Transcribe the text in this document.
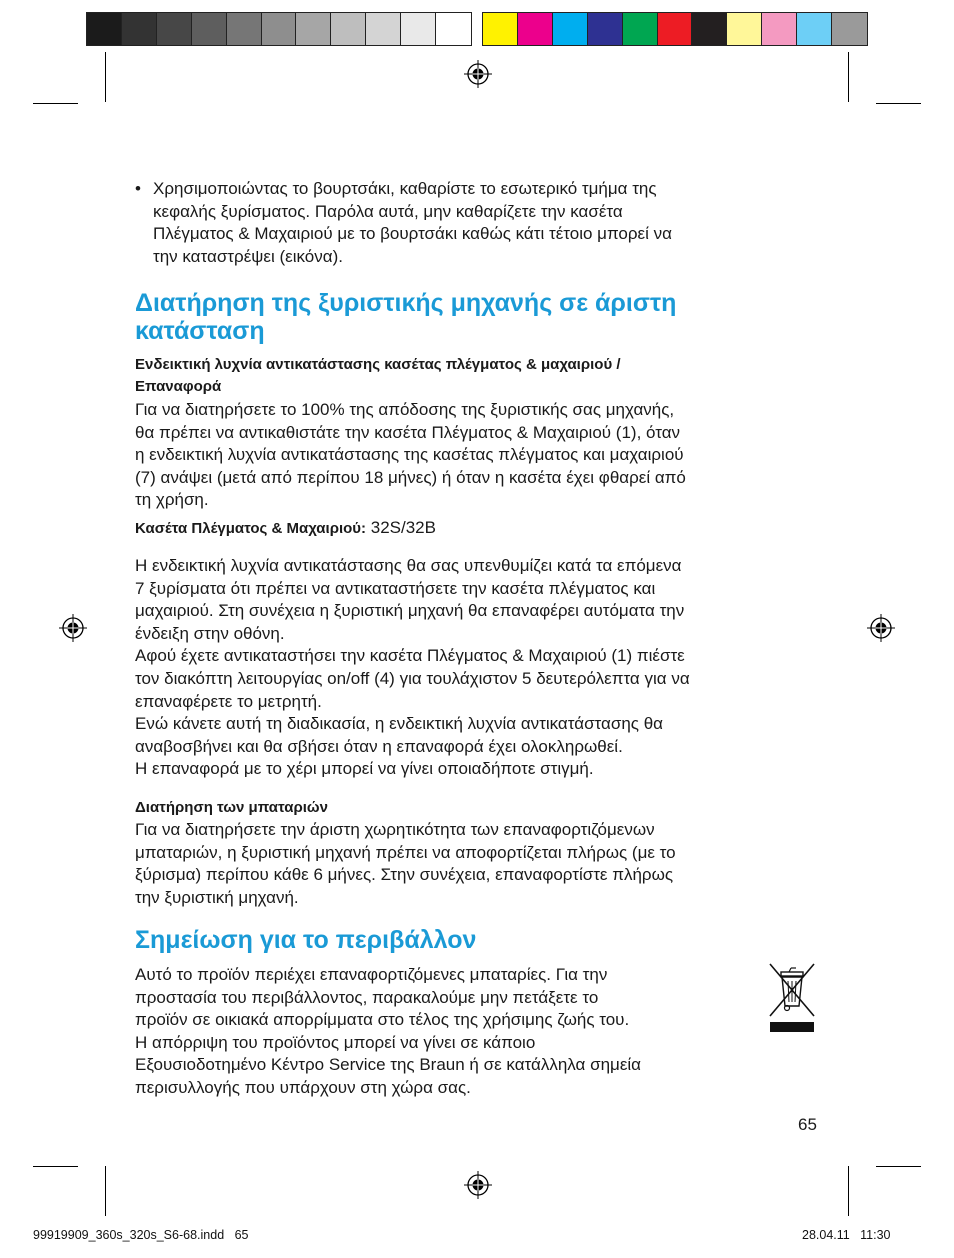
• Χρησιμοποιώντας το βουρτσάκι, καθαρίστε το εσωτερικό τμήμα της

κεφαλής ξυρίσματος. Παρόλα αυτά, μην καθαρίζετε την κασέτα

Πλέγματος & Μαχαιριού με το βουρτσάκι καθώς κάτι τέτοιο μπορεί να

την καταστρέψει (εικόνα).

Διατήρηση της ξυριστικής μηχανής σε άριστη
κατάσταση

Ενδεικτική λυχνία αντικατάστασης κασέτας πλέγματος & μαχαιριού /

Επαναφορά

Για να διατηρήσετε το 100% της απόδοσης της ξυριστικής σας μηχανής,

θα πρέπει να αντικαθιστάτε την κασέτα Πλέγματος & Μαχαιριού (1), όταν

η ενδεικτική λυχνία αντικατάστασης της κασέτας πλέγματος και μαχαιριού

(7) ανάψει (μετά από περίπου 18 μήνες) ή όταν η κασέτα έχει φθαρεί από

τη χρήση.

Κασέτα Πλέγματος & Μαχαιριού: 32S/32B

Η ενδεικτική λυχνία αντικατάστασης θα σας υπενθυμίζει κατά τα επόμενα

7 ξυρίσματα ότι πρέπει να αντικαταστήσετε την κασέτα πλέγματος και

μαχαιριού. Στη συνέχεια η ξυριστική μηχανή θα επαναφέρει αυτόματα την

ένδειξη στην οθόνη.

Αφού έχετε αντικαταστήσει την κασέτα Πλέγματος & Μαχαιριού (1) πιέστε

τον διακόπτη λειτουργίας on/off (4) για τουλάχιστον 5 δευτερόλεπτα για να

επαναφέρετε το μετρητή.

Ενώ κάνετε αυτή τη διαδικασία, η ενδεικτική λυχνία αντικατάστασης θα

αναβοσβήνει και θα σβήσει όταν η επαναφορά έχει ολοκληρωθεί.

Η επαναφορά με το χέρι μπορεί να γίνει οποιαδήποτε στιγμή.

Διατήρηση των μπαταριών

Για να διατηρήσετε την άριστη χωρητικότητα των επαναφορτιζόμενων

μπαταριών, η ξυριστική μηχανή πρέπει να αποφορτίζεται πλήρως (με το

ξύρισμα) περίπου κάθε 6 μήνες. Στην συνέχεια, επαναφορτίστε πλήρως

την ξυριστική μηχανή.

Σημείωση για το περιβάλλον

Αυτό το προϊόν περιέχει επαναφορτιζόμενες μπαταρίες. Για την

προστασία του περιβάλλοντος, παρακαλούμε μην πετάξετε το

προϊόν σε οικιακά απορρίμματα στο τέλος της χρήσιμης ζωής του.

Η απόρριψη του προϊόντος μπορεί να γίνει σε κάποιο

Εξουσιοδοτημένο Κέντρο Service της Braun ή σε κατάλληλα σημεία

περισυλλογής που υπάρχουν στη χώρα σας.

65
99919909_360s_320s_S6-68.indd   65	28.04.11   11:30
